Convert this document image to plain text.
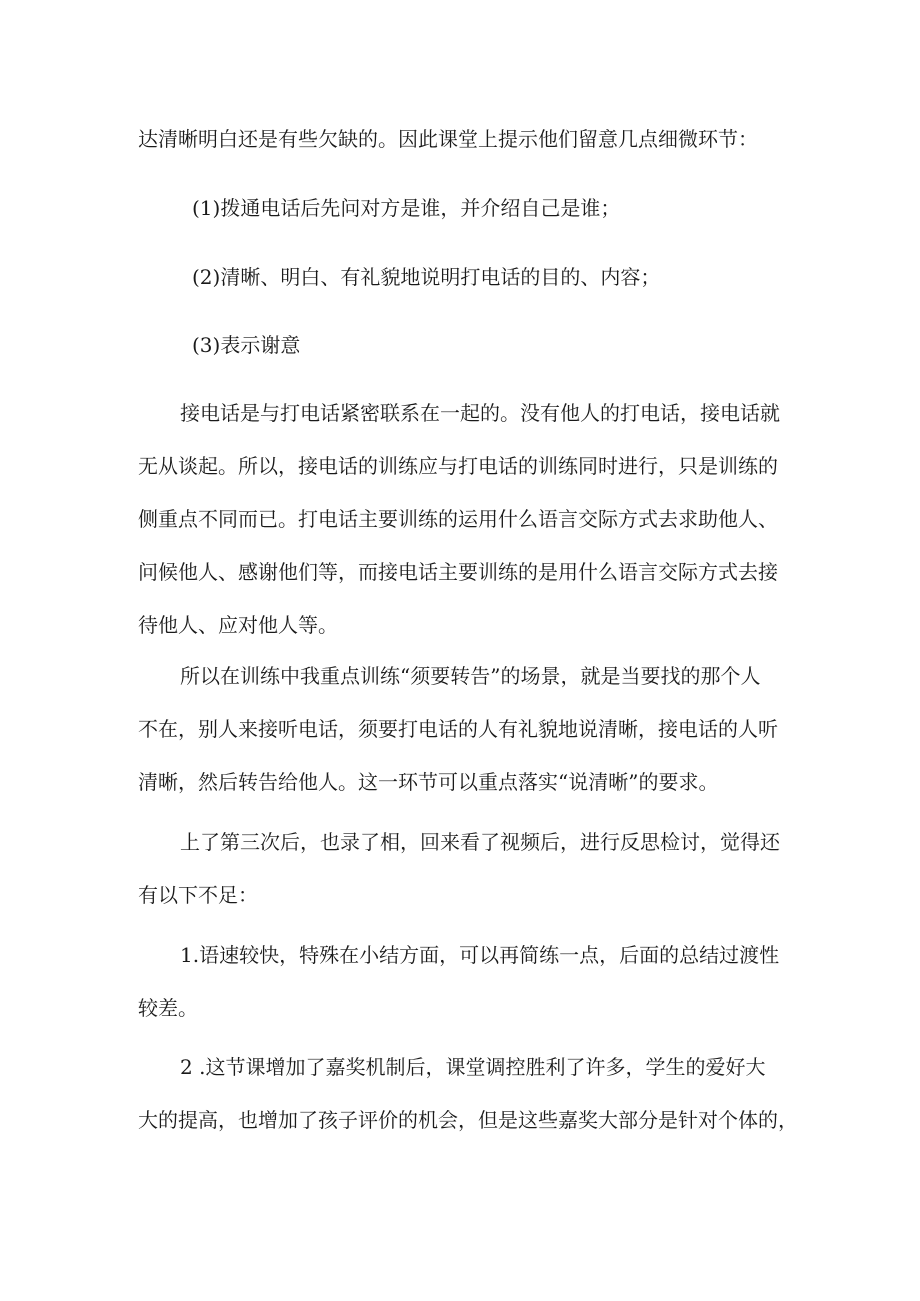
达清晰明白还是有些欠缺的。因此课堂上提示他们留意几点细微环节：

(1)拨通电话后先问对方是谁，并介绍自己是谁；

(2)清晰、明白、有礼貌地说明打电话的目的、内容；

(3)表示谢意

接电话是与打电话紧密联系在一起的。没有他人的打电话，接电话就
无从谈起。所以，接电话的训练应与打电话的训练同时进行，只是训练的
侧重点不同而已。打电话主要训练的运用什么语言交际方式去求助他人、
问候他人、感谢他们等，而接电话主要训练的是用什么语言交际方式去接
待他人、应对他人等。

所以在训练中我重点训练“须要转告”的场景，就是当要找的那个人
不在，别人来接听电话，须要打电话的人有礼貌地说清晰，接电话的人听
清晰，然后转告给他人。这一环节可以重点落实“说清晰”的要求。

上了第三次后，也录了相，回来看了视频后，进行反思检讨，觉得还
有以下不足：

1.语速较快，特殊在小结方面，可以再简练一点，后面的总结过渡性
较差。

2 .这节课增加了嘉奖机制后，课堂调控胜利了许多，学生的爱好大
大的提高，也增加了孩子评价的机会，但是这些嘉奖大部分是针对个体的，
